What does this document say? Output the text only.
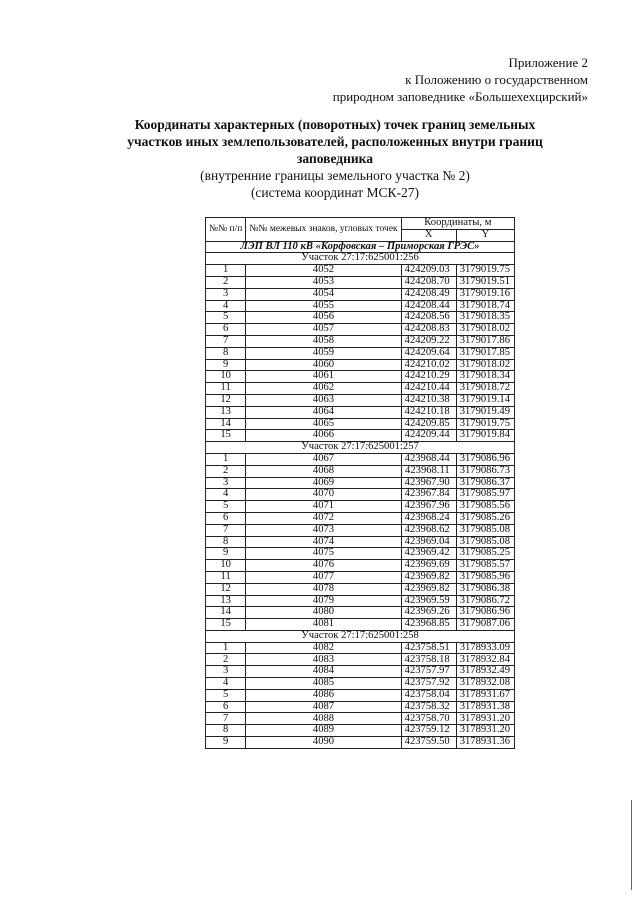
Приложение 2
к Положению о государственном
природном заповеднике «Большехехцирский»
Координаты характерных (поворотных) точек границ земельных
участков иных землепользователей, расположенных внутри границ
заповедника
(внутренние границы земельного участка № 2)
(система координат МСК-27)
№№ п/п	№№ межевых знаков, угловых точек	Координаты, м	
		X	Y
ЛЭП ВЛ 110 кВ «Корфовская – Приморская ГРЭС»			
Участок 27:17:625001:256			
1	4052	424209.03	3179019.75
2	4053	424208.70	3179019.51
3	4054	424208.49	3179019.16
4	4055	424208.44	3179018.74
5	4056	424208.56	3179018.35
6	4057	424208.83	3179018.02
7	4058	424209.22	3179017.86
8	4059	424209.64	3179017.85
9	4060	424210.02	3179018.02
10	4061	424210.29	3179018.34
11	4062	424210.44	3179018.72
12	4063	424210.38	3179019.14
13	4064	424210.18	3179019.49
14	4065	424209.85	3179019.75
15	4066	424209.44	3179019.84
Участок 27:17:625001:257			
1	4067	423968.44	3179086.96
2	4068	423968.11	3179086.73
3	4069	423967.90	3179086.37
4	4070	423967.84	3179085.97
5	4071	423967.96	3179085.56
6	4072	423968.24	3179085.26
7	4073	423968.62	3179085.08
8	4074	423969.04	3179085.08
9	4075	423969.42	3179085.25
10	4076	423969.69	3179085.57
11	4077	423969.82	3179085.96
12	4078	423969.82	3179086.38
13	4079	423969.59	3179086.72
14	4080	423969.26	3179086.96
15	4081	423968.85	3179087.06
Участок 27:17:625001:258			
1	4082	423758.51	3178933.09
2	4083	423758.18	3178932.84
3	4084	423757.97	3178932.49
4	4085	423757.92	3178932.08
5	4086	423758.04	3178931.67
6	4087	423758.32	3178931.38
7	4088	423758.70	3178931.20
8	4089	423759.12	3178931.20
9	4090	423759.50	3178931.36
